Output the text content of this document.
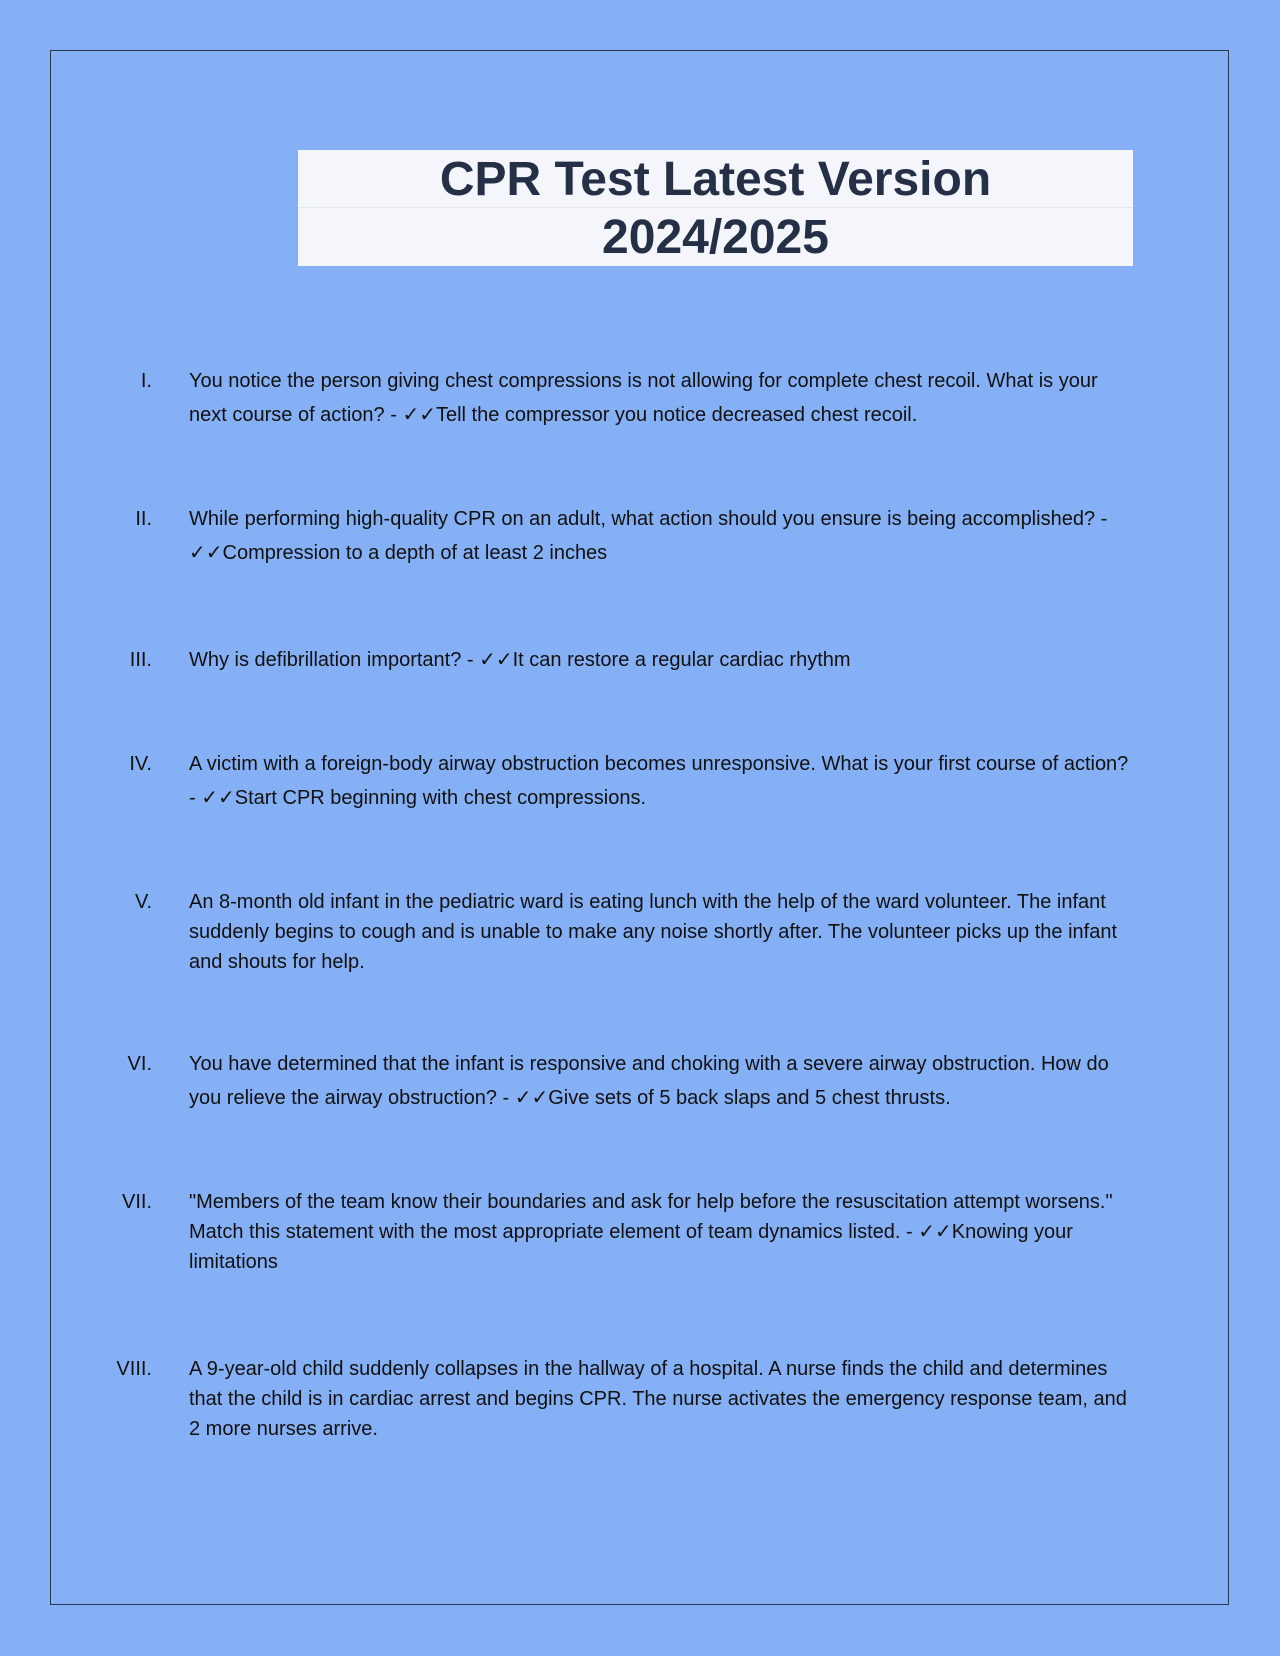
CPR Test Latest Version
2024/2025
I. You notice the person giving chest compressions is not allowing for complete chest recoil. What is your next course of action? - ✓✓Tell the compressor you notice decreased chest recoil.
II. While performing high-quality CPR on an adult, what action should you ensure is being accomplished? - ✓✓Compression to a depth of at least 2 inches
III. Why is defibrillation important? - ✓✓It can restore a regular cardiac rhythm
IV. A victim with a foreign-body airway obstruction becomes unresponsive. What is your first course of action? - ✓✓Start CPR beginning with chest compressions.
V. An 8-month old infant in the pediatric ward is eating lunch with the help of the ward volunteer. The infant suddenly begins to cough and is unable to make any noise shortly after. The volunteer picks up the infant and shouts for help.
VI. You have determined that the infant is responsive and choking with a severe airway obstruction. How do you relieve the airway obstruction? - ✓✓Give sets of 5 back slaps and 5 chest thrusts.
VII. "Members of the team know their boundaries and ask for help before the resuscitation attempt worsens." Match this statement with the most appropriate element of team dynamics listed. - ✓✓Knowing your limitations
VIII. A 9-year-old child suddenly collapses in the hallway of a hospital. A nurse finds the child and determines that the child is in cardiac arrest and begins CPR. The nurse activates the emergency response team, and 2 more nurses arrive.
